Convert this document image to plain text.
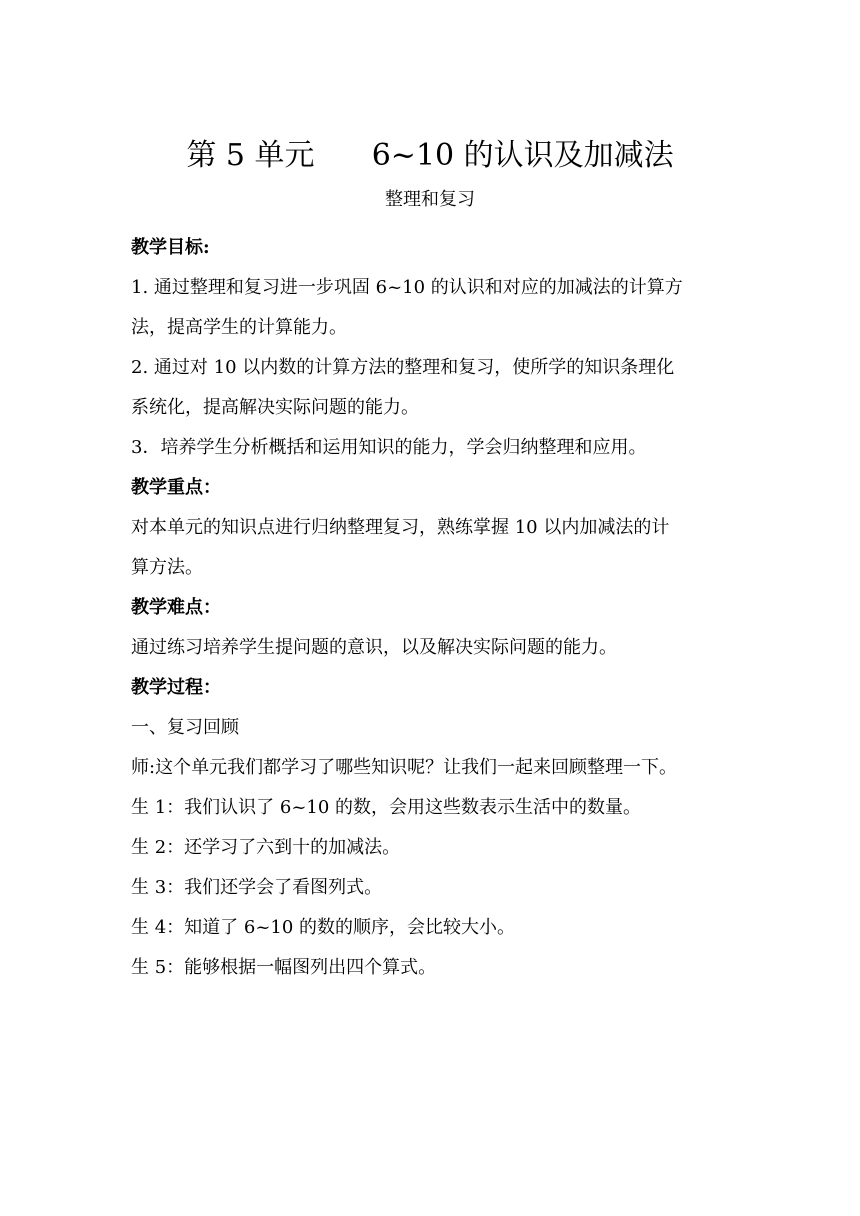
第 5 单元      6~10 的认识及加减法
整理和复习
教学目标:
1. 通过整理和复习进一步巩固 6~10 的认识和对应的加减法的计算方
法，提高学生的计算能力。
2. 通过对 10 以内数的计算方法的整理和复习，使所学的知识条理化
系统化，提高解决实际问题的能力。
3．培养学生分析概括和运用知识的能力，学会归纳整理和应用。
教学重点：
对本单元的知识点进行归纳整理复习，熟练掌握 10 以内加减法的计
算方法。
教学难点：
通过练习培养学生提问题的意识，以及解决实际问题的能力。
教学过程：
一、复习回顾
师:这个单元我们都学习了哪些知识呢？让我们一起来回顾整理一下。
生 1：我们认识了 6~10 的数，会用这些数表示生活中的数量。
生 2：还学习了六到十的加减法。
生 3：我们还学会了看图列式。
生 4：知道了 6~10 的数的顺序，会比较大小。
生 5：能够根据一幅图列出四个算式。
